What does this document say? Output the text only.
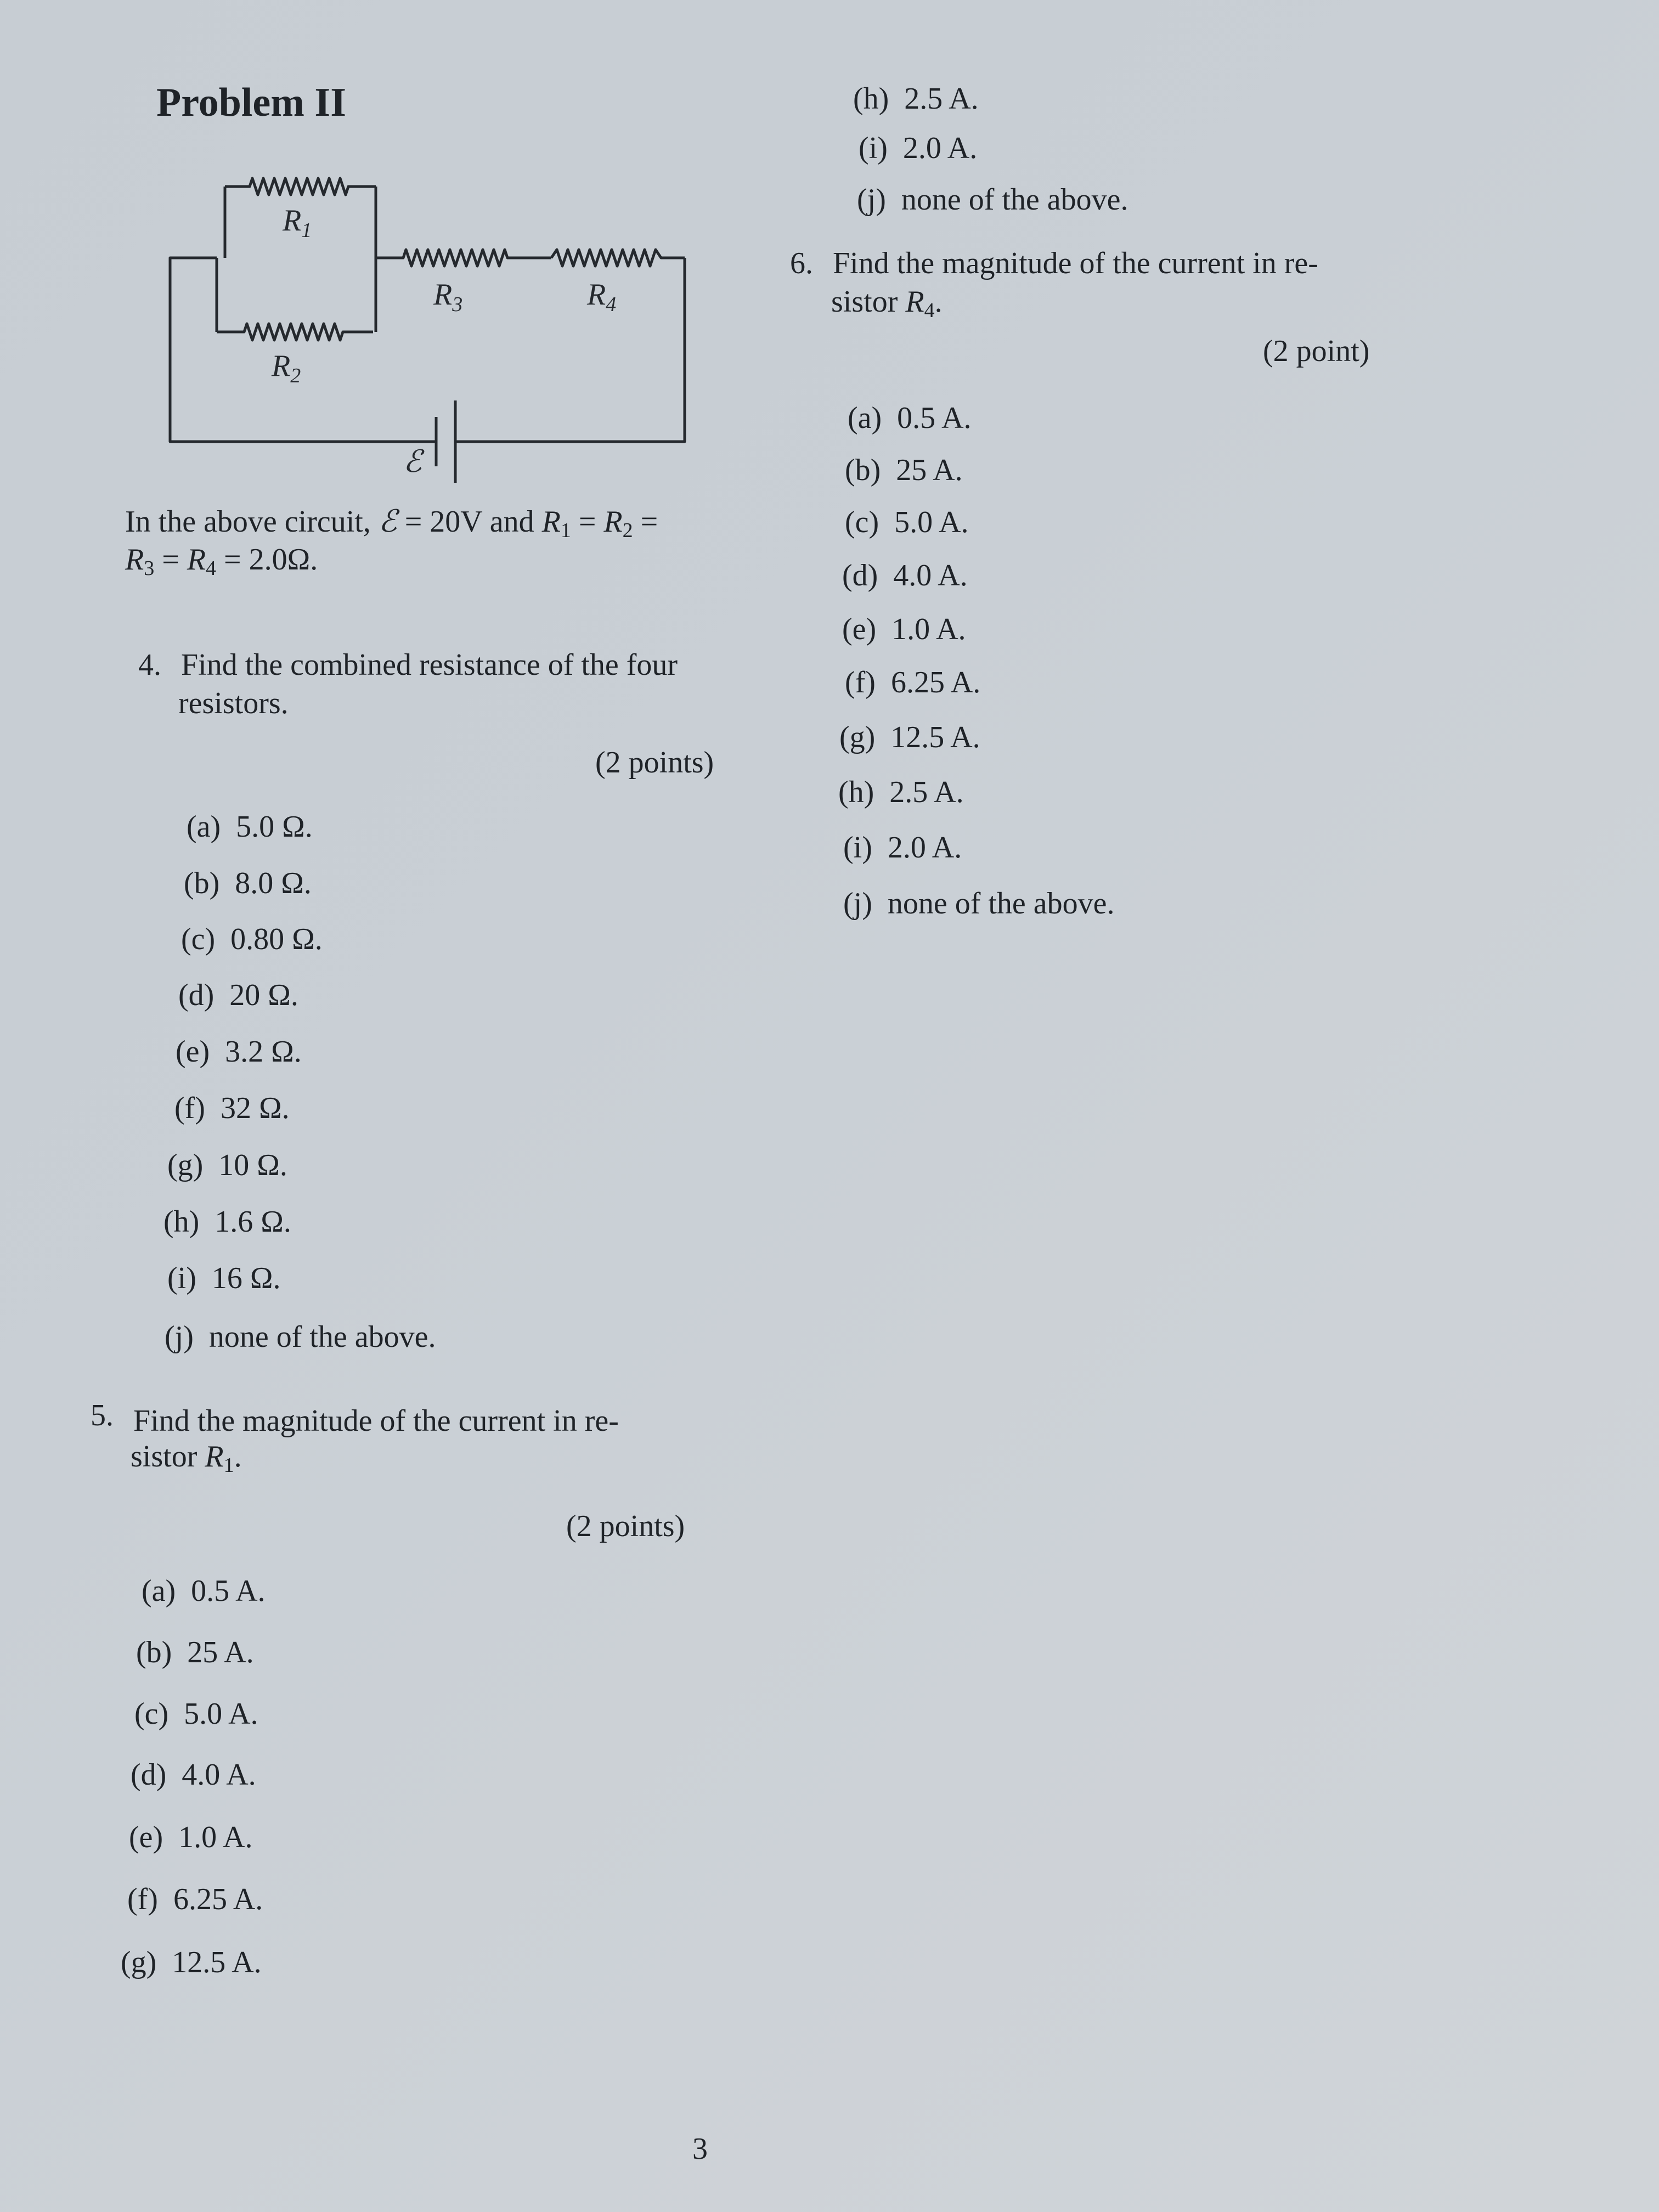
Problem II
$R_1$
$R_2$
$R_3$	$R_4$
ℰ
In the above circuit, ℰ = 20V and $R_1 = R_2$ =
$R_3 = R_4 = 2.0\Omega$.
4. Find the combined resistance of the four
resistors.
(2 points)
(a) 5.0 Ω.
(b) 8.0 Ω.
(c) 0.80 Ω.
(d) 20 Ω.
(e) 3.2 Ω.
(f) 32 Ω.
(g) 10 Ω.
(h) 1.6 Ω.
(i) 16 Ω.
(j) none of the above.
5. Find the magnitude of the current in re-
sistor $R_1$.
(2 points)
(a) 0.5 A.
(b) 25 A.
(c) 5.0 A.
(d) 4.0 A.
(e) 1.0 A.
(f) 6.25 A.
(g) 12.5 A.
(h) 2.5 A.
(i) 2.0 A.
(j) none of the above.
6. Find the magnitude of the current in re-
sistor $R_4$.
(2 point)
(a) 0.5 A.
(b) 25 A.
(c) 5.0 A.
(d) 4.0 A.
(e) 1.0 A.
(f) 6.25 A.
(g) 12.5 A.
(h) 2.5 A.
(i) 2.0 A.
(j) none of the above.
3
